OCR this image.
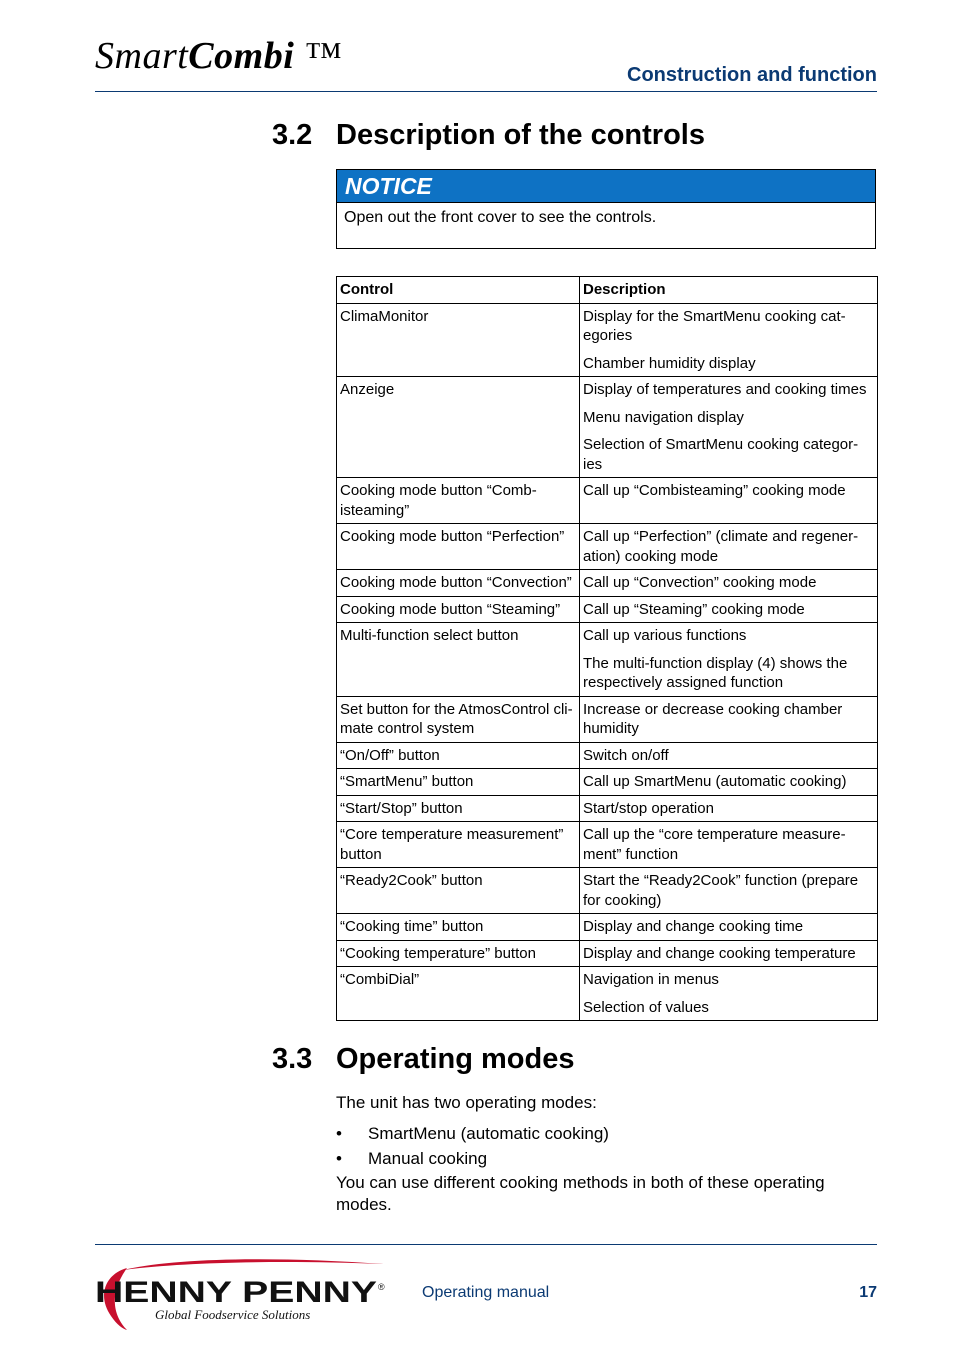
SmartCombi ™	Construction and function
3.2 Description of the controls
NOTICE
Open out the front cover to see the controls.
Control	Description
ClimaMonitor	Display for the SmartMenu cooking cat-egories

Chamber humidity display

Anzeige	Display of temperatures and cooking times

Menu navigation display

Selection of SmartMenu cooking categor-ies

Cooking mode button “Comb-isteaming”	Call up “Combisteaming” cooking mode

Cooking mode button “Perfection”	Call up “Perfection” (climate and regener-ation) cooking mode

Cooking mode button “Convection”	Call up “Convection” cooking mode

Cooking mode button “Steaming”	Call up “Steaming” cooking mode

Multi-function select button	Call up various functions

The multi-function display (4) shows the respectively assigned function

Set button for the AtmosControl cli-mate control system	Increase or decrease cooking chamber humidity

“On/Off” button	Switch on/off

“SmartMenu” button	Call up SmartMenu (automatic cooking)

“Start/Stop” button	Start/stop operation

“Core temperature measurement” button	Call up the “core temperature measure-ment” function

“Ready2Cook” button	Start the “Ready2Cook” function (prepare for cooking)

“Cooking time” button	Display and change cooking time

“Cooking temperature” button	Display and change cooking temperature

“CombiDial”	Navigation in menus

Selection of values

3.3 Operating modes
The unit has two operating modes:
• SmartMenu (automatic cooking)
• Manual cooking
You can use different cooking methods in both of these operating modes.
HENNY PENNY ®
Global Foodservice Solutions
Operating manual	17
